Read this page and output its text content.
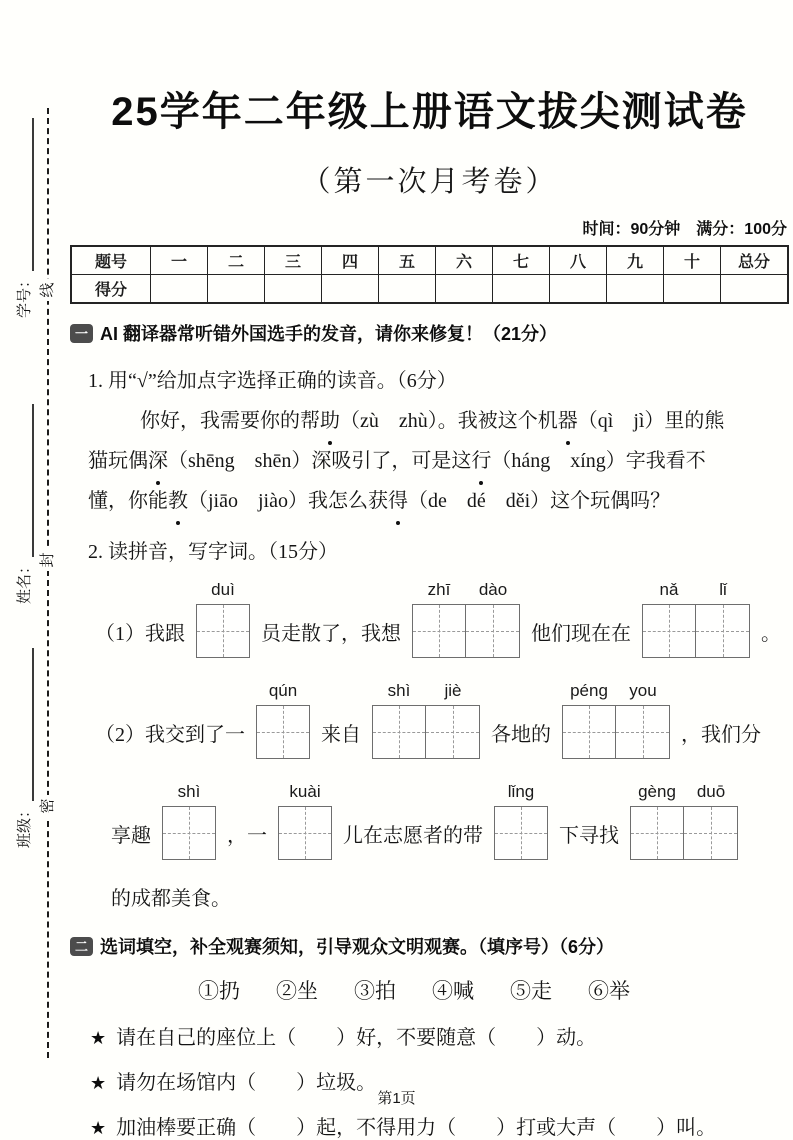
学号：
姓名：
班级：
线
封
密
25学年二年级上册语文拔尖测试卷
（第一次月考卷）
时间：90分钟　满分：100分
题号	一	二	三	四	五	六	七	八	九	十	总分
得分											
一 AI 翻译器常听错外国选手的发音，请你来修复！（21分）
1. 用“√”给加点字选择正确的读音。（6分）
你好，我需要你的帮助（zù　zhù）。我被这个机器（qì　jì）里的熊
猫玩偶深（shēng　shēn）深吸引了，可是这行（háng　xíng）字我看不
懂，你能教（jiāo　jiào）我怎么获得（de　dé　děi）这个玩偶吗？
2. 读拼音，写字词。（15分）
（1）我跟
duì
员走散了，我想
zhī	dào
他们现在在
nǎ	lǐ
。
（2）我交到了一
qún
来自
shì	jiè
各地的
péng	you
，我们分
享趣
shì
，一
kuài
儿在志愿者的带
lǐng
下寻找
gèng	duō
的成都美食。
二 选词填空，补全观赛须知，引导观众文明观赛。（填序号）（6分）
①扔 ②坐 ③拍 ④喊 ⑤走 ⑥举
★ 请在自己的座位上（　　）好，不要随意（　　）动。
★ 请勿在场馆内（　　）垃圾。
★ 加油棒要正确（　　）起，不得用力（　　）打或大声（　　）叫。
第1页
